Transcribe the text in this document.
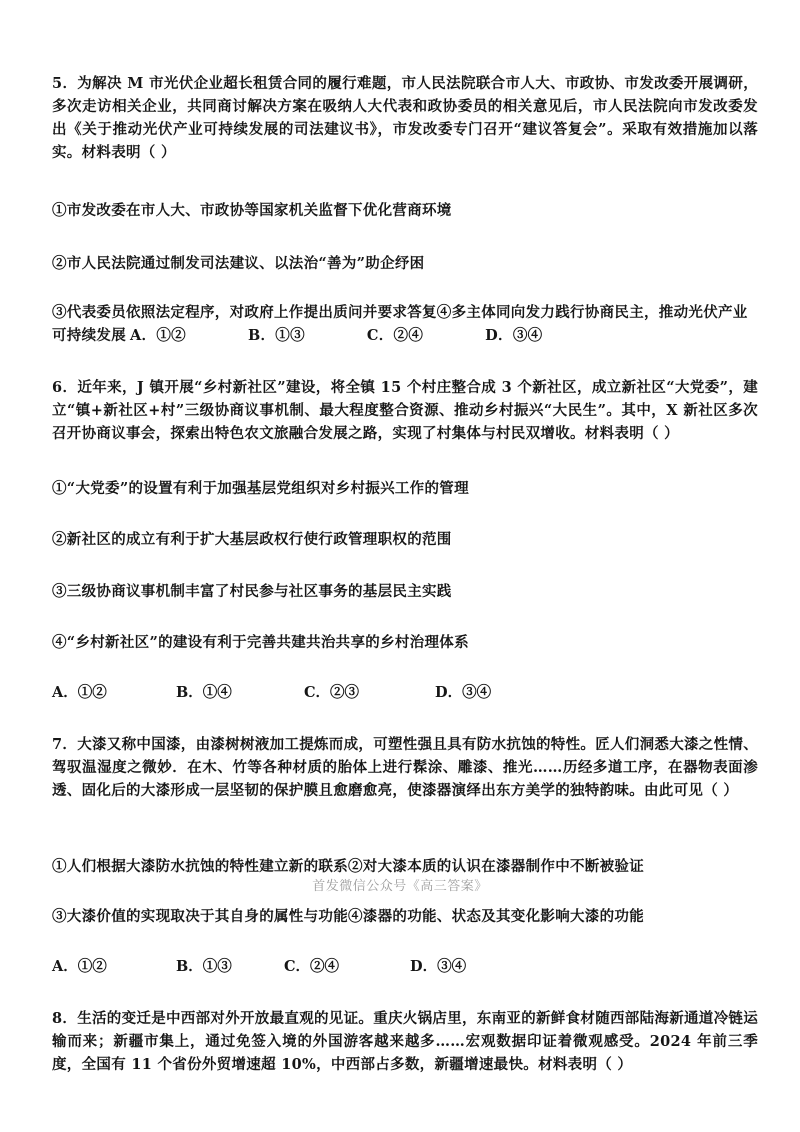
5．为解决 M 市光伏企业超长租赁合同的履行难题，市人民法院联合市人大、市政协、市发改委开展调研，多次走访相关企业，共同商讨解决方案在吸纳人大代表和政协委员的相关意见后，市人民法院向市发改委发出《关于推动光伏产业可持续发展的司法建议书》，市发改委专门召开“建议答复会”。采取有效措施加以落实。材料表明（ ）
①市发改委在市人大、市政协等国家机关监督下优化营商环境
②市人民法院通过制发司法建议、以法治“善为”助企纾困
③代表委员依照法定程序，对政府上作提出质问并要求答复④多主体同向发力践行协商民主，推动光伏产业可持续发展 A．①②	B．①③	C．②④	D．③④
6．近年来，J 镇开展“乡村新社区”建设，将全镇 15 个村庄整合成 3 个新社区，成立新社区“大党委”，建立“镇+新社区+村”三级协商议事机制、最大程度整合资源、推动乡村振兴“大民生”。其中，X 新社区多次召开协商议事会，探索出特色农文旅融合发展之路，实现了村集体与村民双增收。材料表明（ ）
①“大党委”的设置有利于加强基层党组织对乡村振兴工作的管理
②新社区的成立有利于扩大基层政权行使行政管理职权的范围
③三级协商议事机制丰富了村民参与社区事务的基层民主实践
④“乡村新社区”的建设有利于完善共建共治共享的乡村治理体系
A．①②	B．①④	C．②③	D．③④
7．大漆又称中国漆，由漆树树液加工提炼而成，可塑性强且具有防水抗蚀的特性。匠人们洞悉大漆之性情、驾驭温湿度之微妙．在木、竹等各种材质的胎体上进行髹涂、雕漆、推光……历经多道工序，在器物表面渗透、固化后的大漆形成一层坚韧的保护膜且愈磨愈亮，使漆器演绎出东方美学的独特韵味。由此可见（ ）
①人们根据大漆防水抗蚀的特性建立新的联系②对大漆本质的认识在漆器制作中不断被验证
首发微信公众号《高三答案》
③大漆价值的实现取决于其自身的属性与功能④漆器的功能、状态及其变化影响大漆的功能
A．①②	B．①③	C．②④	D．③④
8．生活的变迁是中西部对外开放最直观的见证。重庆火锅店里，东南亚的新鲜食材随西部陆海新通道冷链运输而来；新疆市集上，通过免签入境的外国游客越来越多……宏观数据印证着微观感受。2024 年前三季度，全国有 11 个省份外贸增速超 10%，中西部占多数，新疆增速最快。材料表明（ ）
